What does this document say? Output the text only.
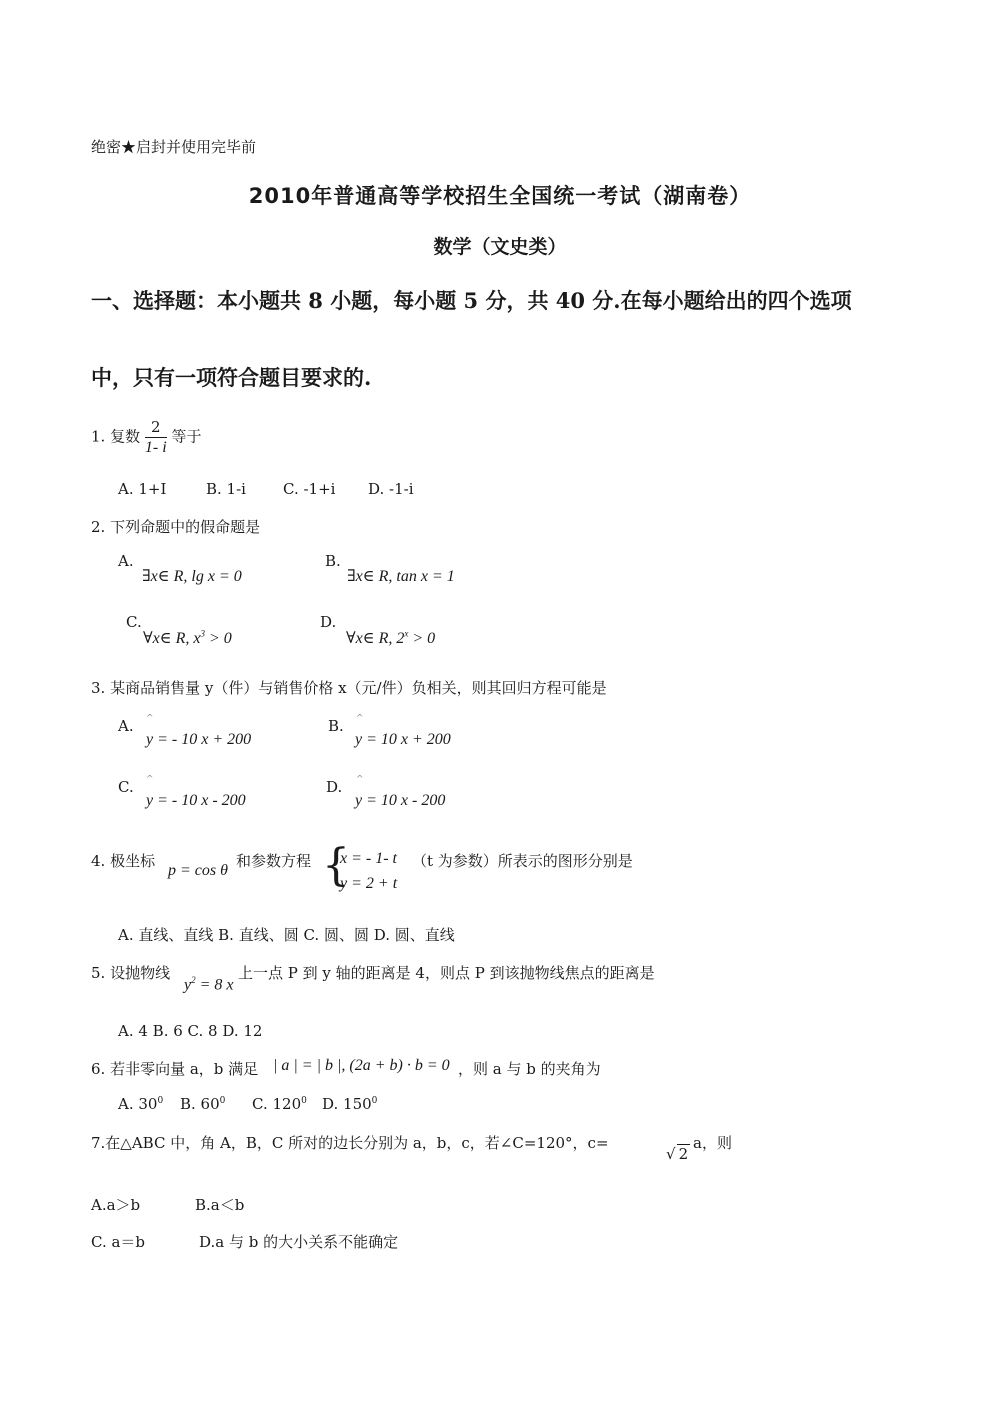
绝密★启封并使用完毕前
2010年普通高等学校招生全国统一考试（湖南卷）
数学（文史类）
一、选择题：本小题共 8 小题，每小题 5 分，共 40 分.在每小题给出的四个选项
中，只有一项符合题目要求的.
1. 复数 $\frac{2}{1- i}$ 等于
A. 1+I	B. 1-i C. -1+i D. -1-i
2. 下列命题中的假命题是
A.
∃x∈ R, lg x = 0
B.
∃x∈ R, tan x = 1
C.
∀x∈ R, $x^3 > 0$
D.
∀x∈ R, $2^x > 0$
3. 某商品销售量 y（件）与销售价格 x（元/件）负相关，则其回归方程可能是
A. ^
y = - 10 x + 200
B. ^
y = 10 x + 200
C. ^
y = - 10 x - 200
D. ^
y = 10 x - 200
4. 极坐标
p = cos θ
和参数方程 {
x = - 1- t
y = 2 + t
（t 为参数）所表示的图形分别是
A. 直线、直线 B. 直线、圆 C. 圆、圆 D. 圆、直线
5. 设抛物线
$y^2 = 8$ x
上一点 P 到 y 轴的距离是 4，则点 P 到该抛物线焦点的距离是
A. 4 B. 6 C. 8 D. 12
6. 若非零向量 a，b 满足 | a | = | b |, (2a + b) · b = 0 ，则 a 与 b 的夹角为
A. $30^0$ B. $60^0$ C. $120^0$ D. $150^0$
7.在△ABC 中，角 A，B，C 所对的边长分别为 a，b，c，若∠C=120°，c=
√ 2
a，则
A.a＞b	B.a＜b
C. a＝b	D.a 与 b 的大小关系不能确定
